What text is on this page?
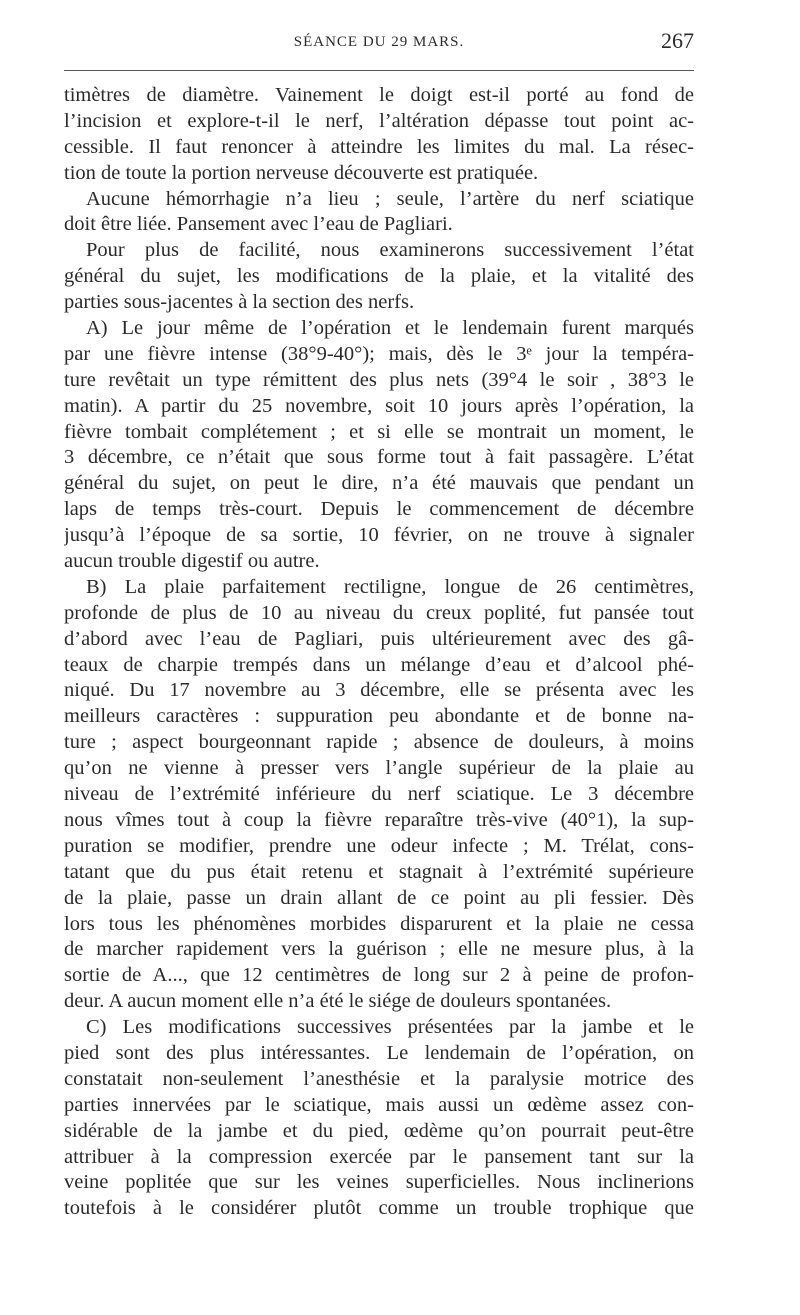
SÉANCE DU 29 MARS.	267
timètres de diamètre. Vainement le doigt est-il porté au fond de
l’incision et explore-t-il le nerf, l’altération dépasse tout point ac-
cessible. Il faut renoncer à atteindre les limites du mal. La résec-
tion de toute la portion nerveuse découverte est pratiquée.
Aucune hémorrhagie n’a lieu ; seule, l’artère du nerf sciatique
doit être liée. Pansement avec l’eau de Pagliari.
Pour plus de facilité, nous examinerons successivement l’état
général du sujet, les modifications de la plaie, et la vitalité des
parties sous-jacentes à la section des nerfs.
A) Le jour même de l’opération et le lendemain furent marqués
par une fièvre intense (38°9-40°); mais, dès le 3ᵉ jour la tempéra-
ture revêtait un type rémittent des plus nets (39°4 le soir , 38°3 le
matin). A partir du 25 novembre, soit 10 jours après l’opération, la
fièvre tombait complétement ; et si elle se montrait un moment, le
3 décembre, ce n’était que sous forme tout à fait passagère. L’état
général du sujet, on peut le dire, n’a été mauvais que pendant un
laps de temps très-court. Depuis le commencement de décembre
jusqu’à l’époque de sa sortie, 10 février, on ne trouve à signaler
aucun trouble digestif ou autre.
B) La plaie parfaitement rectiligne, longue de 26 centimètres,
profonde de plus de 10 au niveau du creux poplité, fut pansée tout
d’abord avec l’eau de Pagliari, puis ultérieurement avec des gâ-
teaux de charpie trempés dans un mélange d’eau et d’alcool phé-
niqué. Du 17 novembre au 3 décembre, elle se présenta avec les
meilleurs caractères : suppuration peu abondante et de bonne na-
ture ; aspect bourgeonnant rapide ; absence de douleurs, à moins
qu’on ne vienne à presser vers l’angle supérieur de la plaie au
niveau de l’extrémité inférieure du nerf sciatique. Le 3 décembre
nous vîmes tout à coup la fièvre reparaître très-vive (40°1), la sup-
puration se modifier, prendre une odeur infecte ; M. Trélat, cons-
tatant que du pus était retenu et stagnait à l’extrémité supérieure
de la plaie, passe un drain allant de ce point au pli fessier. Dès
lors tous les phénomènes morbides disparurent et la plaie ne cessa
de marcher rapidement vers la guérison ; elle ne mesure plus, à la
sortie de A..., que 12 centimètres de long sur 2 à peine de profon-
deur. A aucun moment elle n’a été le siége de douleurs spontanées.
C) Les modifications successives présentées par la jambe et le
pied sont des plus intéressantes. Le lendemain de l’opération, on
constatait non-seulement l’anesthésie et la paralysie motrice des
parties innervées par le sciatique, mais aussi un œdème assez con-
sidérable de la jambe et du pied, œdème qu’on pourrait peut-être
attribuer à la compression exercée par le pansement tant sur la
veine poplitée que sur les veines superficielles. Nous inclinerions
toutefois à le considérer plutôt comme un trouble trophique que
